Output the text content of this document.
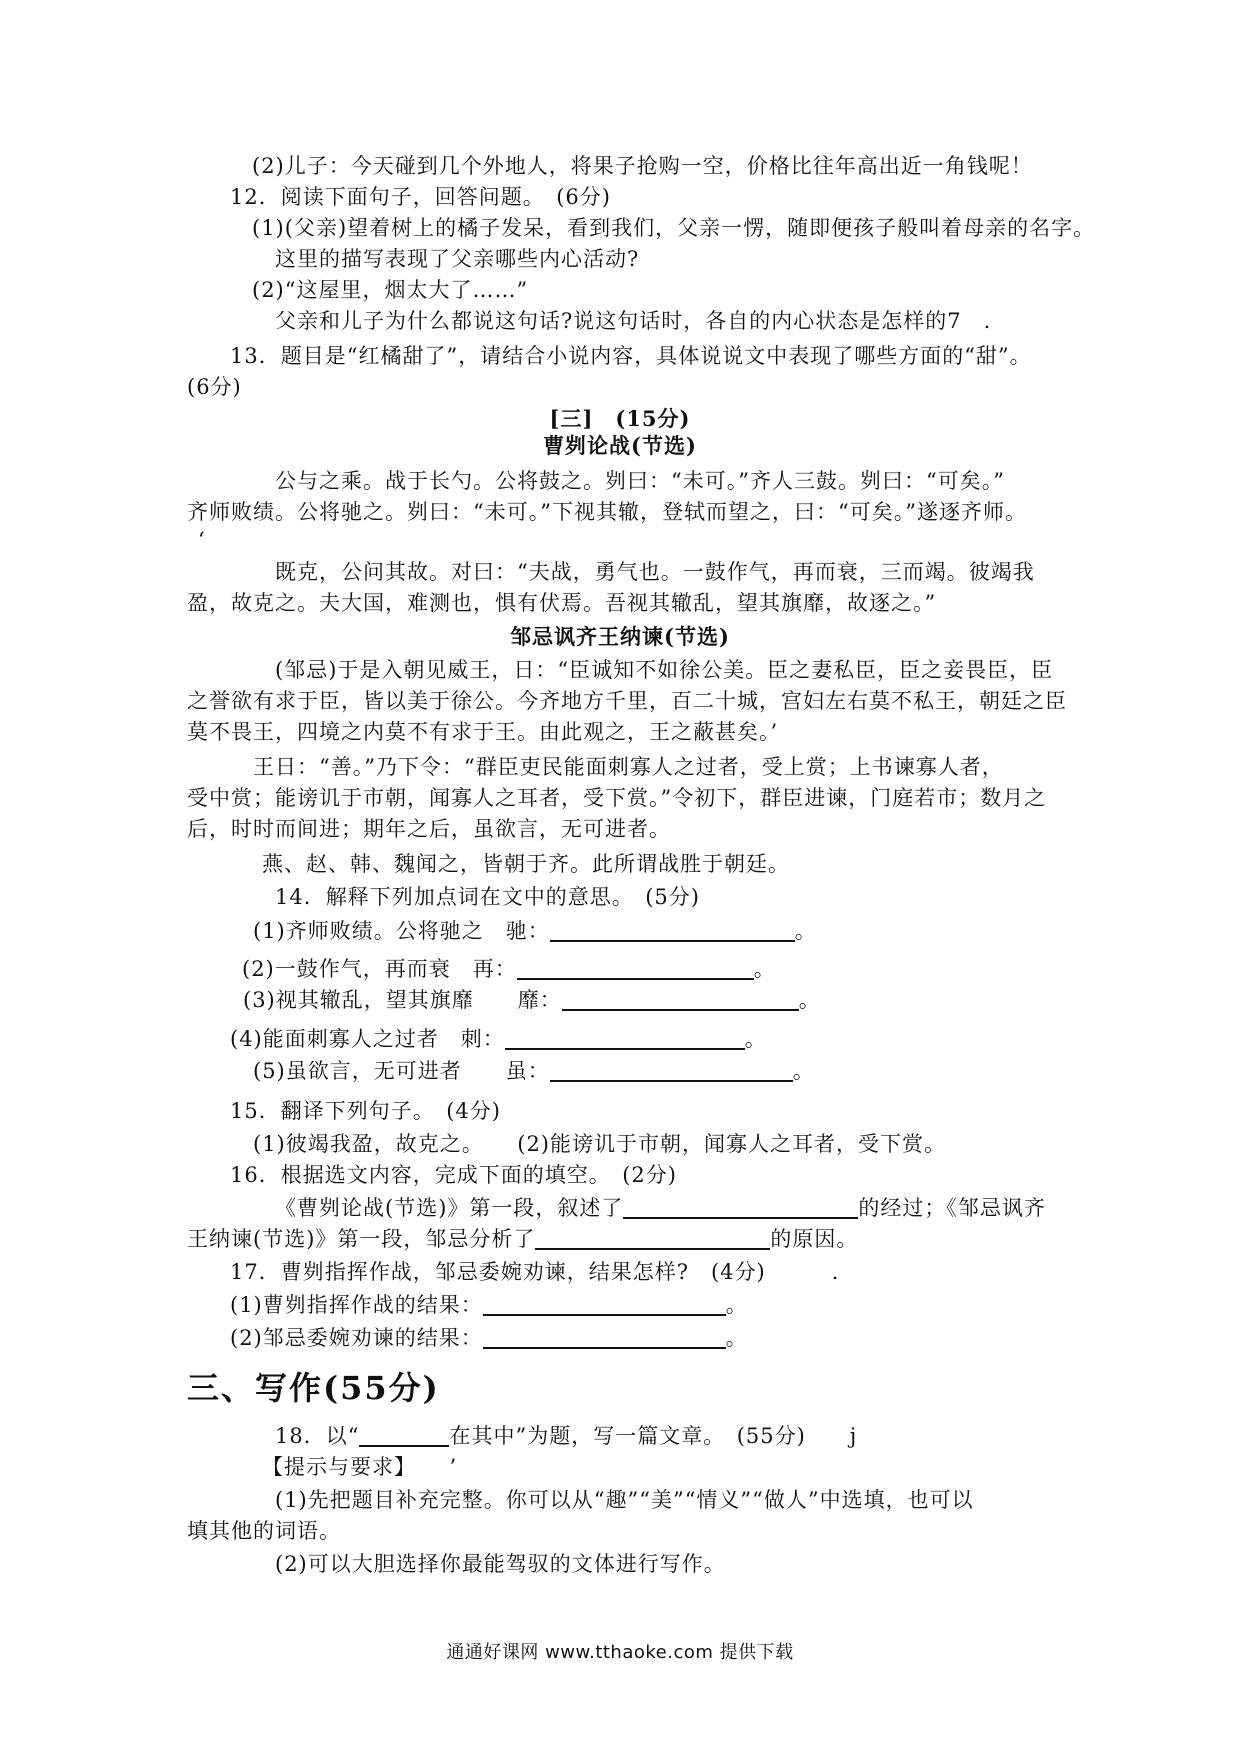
(2)儿子：今天碰到几个外地人，将果子抢购一空，价格比往年高出近一角钱呢！
12．阅读下面句子，回答问题。　(6分)
(1)(父亲)望着树上的橘子发呆，看到我们，父亲一愣，随即便孩子般叫着母亲的名字。
这里的描写表现了父亲哪些内心活动?
(2)“这屋里，烟太大了……”
父亲和儿子为什么都说这句话?说这句话时，各自的内心状态是怎样的7　.
13．题目是“红橘甜了”，请结合小说内容，具体说说文中表现了哪些方面的“甜”。
(6分)
[三]　(15分)
曹刿论战(节选)
公与之乘。战于长勺。公将鼓之。刿曰：“未可。”齐人三鼓。刿曰：“可矣。”
齐师败绩。公将驰之。刿曰：“未可。”下视其辙，登轼而望之，曰：“可矣。”遂逐齐师。
‘
既克，公问其故。对曰：“夫战，勇气也。一鼓作气，再而衰，三而竭。彼竭我
盈，故克之。夫大国，难测也，惧有伏焉。吾视其辙乱，望其旗靡，故逐之。”
邹忌讽齐王纳谏(节选)
(邹忌)于是入朝见威王，日：“臣诚知不如徐公美。臣之妻私臣，臣之妾畏臣，臣
之誉欲有求于臣，皆以美于徐公。今齐地方千里，百二十城，宫妇左右莫不私王，朝廷之臣
莫不畏王，四境之内莫不有求于王。由此观之，王之蔽甚矣。’
王日：“善。”乃下令：“群臣吏民能面刺寡人之过者，受上赏；上书谏寡人者，
受中赏；能谤讥于市朝，闻寡人之耳者，受下赏。”令初下，群臣进谏，门庭若市；数月之
后，时时而间进；期年之后，虽欲言，无可进者。
燕、赵、韩、魏闻之，皆朝于齐。此所谓战胜于朝廷。
14．解释下列加点词在文中的意思。　(5分)
(1)齐师败绩。公将驰之　驰：	。
(2)一鼓作气，再而衰　再：	。
(3)视其辙乱，望其旗靡　　靡：	。
(4)能面刺寡人之过者　刺：	。
(5)虽欲言，无可进者　　虽：	。
15．翻译下列句子。　(4分)
(1)彼竭我盈，故克之。　　(2)能谤讥于市朝，闻寡人之耳者，受下赏。
16．根据选文内容，完成下面的填空。　(2分)
《曹刿论战(节选)》第一段，叙述了	的经过；《邹忌讽齐
王纳谏(节选)》第一段，邹忌分析了	的原因。
17．曹刿指挥作战，邹忌委婉劝谏，结果怎样?　(4分)　　　.
(1)曹刿指挥作战的结果：	。
(2)邹忌委婉劝谏的结果：	。
三、写作(55分)
18．以“	在其中”为题，写一篇文章。　(55分)　　j
【提示与要求】　　’
(1)先把题目补充完整。你可以从“趣”“美”“情义”“做人”中选填，也可以
填其他的词语。
(2)可以大胆选择你最能驾驭的文体进行写作。
通通好课网 www.tthaoke.com 提供下载
